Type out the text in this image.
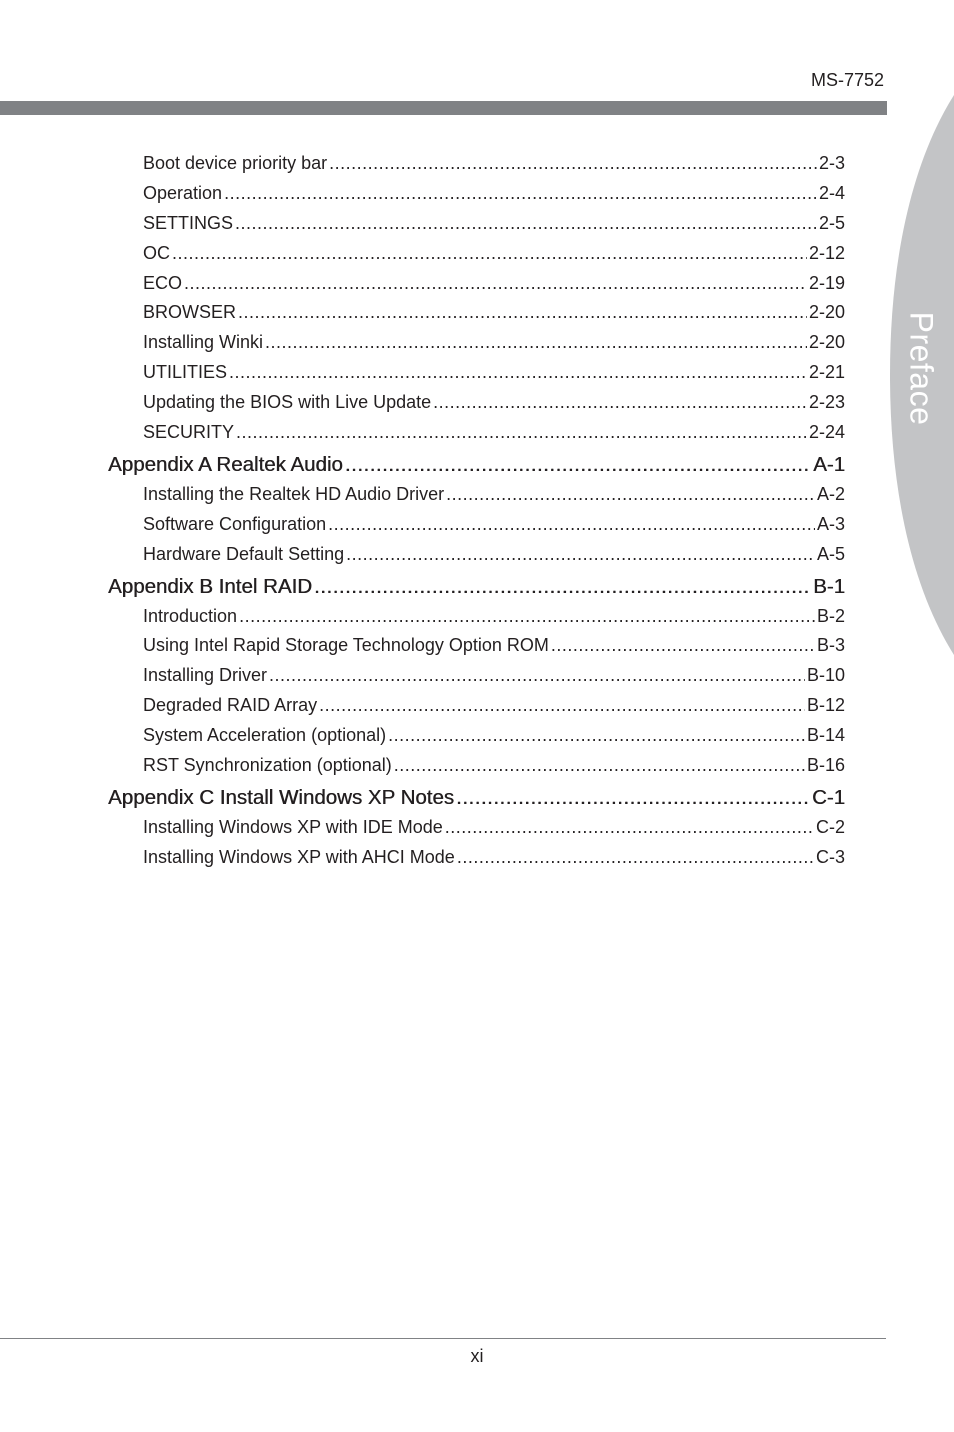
MS-7752
Preface
Boot device priority bar .....	2-3
Operation .....	2-4
SETTINGS .....	2-5
OC .....	2-12
ECO .....	2-19
BROWSER .....	2-20
Installing Winki .....	2-20
UTILITIES .....	2-21
Updating the BIOS with Live Update .....	2-23
SECURITY .....	2-24
Appendix A Realtek Audio .....	A-1
Installing the Realtek HD Audio Driver .....	A-2
Software Configuration .....	A-3
Hardware Default Setting .....	A-5
Appendix B Intel RAID .....	B-1
Introduction .....	B-2
Using Intel Rapid Storage Technology Option ROM .....	B-3
Installing Driver .....	B-10
Degraded RAID Array .....	B-12
System Acceleration (optional) .....	B-14
RST Synchronization (optional) .....	B-16
Appendix C Install Windows XP Notes .....	C-1
Installing Windows XP with IDE Mode .....	C-2
Installing Windows XP with AHCI Mode .....	C-3
xi
